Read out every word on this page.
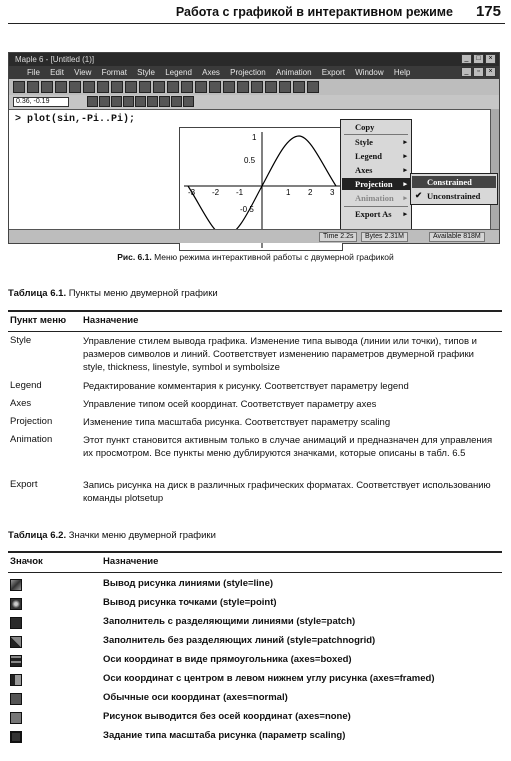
Работа с графикой в интерактивном режиме 175
Maple 6 - [Untitled (1)]	_	□	×
File Edit View Format Style Legend Axes Projection Animation Export Window Help	_	▫	×
0.36, -0.19
> plot(sin,-Pi..Pi);
-3 -2 -1	1 2 3
1
0.5
-0.5
Copy
Style	▸
Legend	▸
Axes	▸
Projection ▸
Animation ▸
Export As ▸
Constrained
✔ Unconstrained
Time 2.2s	Bytes 2.31M	Available 818M
Рис. 6.1. Меню режима интерактивной работы с двумерной графикой
Таблица 6.1. Пункты меню двумерной графики
Пункт меню Назначение
Style	Управление стилем вывода графика. Изменение типа вывода (линии или точки), типов и размеров символов и линий. Соответствует изменению параметров двумерной графики style, thickness, linestyle, symbol и symbolsize
Legend	Редактирование комментария к рисунку. Соответствует параметру legend
Axes	Управление типом осей координат. Соответствует параметру axes
Projection	Изменение типа масштаба рисунка. Соответствует параметру scaling
Animation	Этот пункт становится активным только в случае анимаций и предназначен для управления их просмотром. Все пункты меню дублируются значками, которые описаны в табл. 6.5
Export	Запись рисунка на диск в различных графических форматах. Соответствует использованию команды plotsetup
Таблица 6.2. Значки меню двумерной графики
Значок	Назначение
Вывод рисунка линиями (style=line)
Вывод рисунка точками (style=point)
Заполнитель с разделяющими линиями (style=patch)
Заполнитель без разделяющих линий (style=patchnogrid)
Оси координат в виде прямоугольника (axes=boxed)
Оси координат с центром в левом нижнем углу рисунка (axes=framed)
Обычные оси координат (axes=normal)
Рисунок выводится без осей координат (axes=none)
Задание типа масштаба рисунка (параметр scaling)
